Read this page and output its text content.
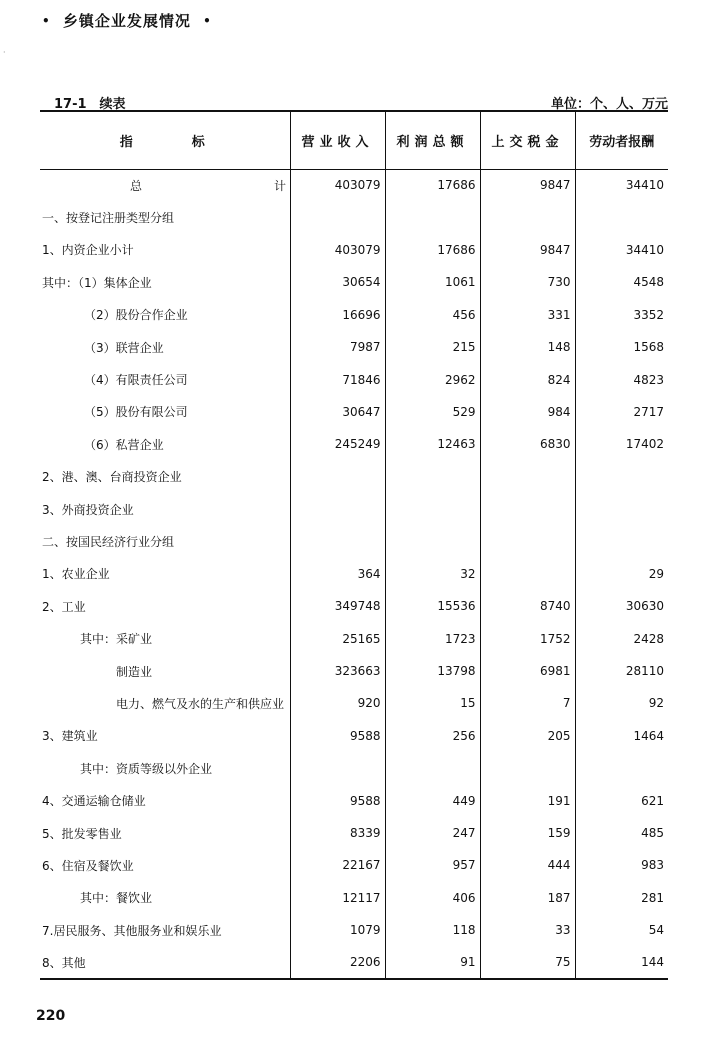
• 乡镇企业发展情况 •
·
17-1　续表	单位：个、人、万元
指　　　标	营业收入	利润总额	上交税金	劳动者报酬
总　计	403079	17686	9847	34410
一、按登记注册类型分组				
1、内资企业小计	403079	17686	9847	34410
其中：（1）集体企业	30654	1061	730	4548
（2）股份合作企业	16696	456	331	3352
（3）联营企业	7987	215	148	1568
（4）有限责任公司	71846	2962	824	4823
（5）股份有限公司	30647	529	984	2717
（6）私营企业	245249	12463	6830	17402
2、港、澳、台商投资企业				
3、外商投资企业				
二、按国民经济行业分组				
1、农业企业	364	32		29
2、工业	349748	15536	8740	30630
其中：采矿业	25165	1723	1752	2428
制造业	323663	13798	6981	28110
电力、燃气及水的生产和供应业	920	15	7	92
3、建筑业	9588	256	205	1464
其中：资质等级以外企业				
4、交通运输仓储业	9588	449	191	621
5、批发零售业	8339	247	159	485
6、住宿及餐饮业	22167	957	444	983
其中：餐饮业	12117	406	187	281
7.居民服务、其他服务业和娱乐业	1079	118	33	54
8、其他	2206	91	75	144
220
